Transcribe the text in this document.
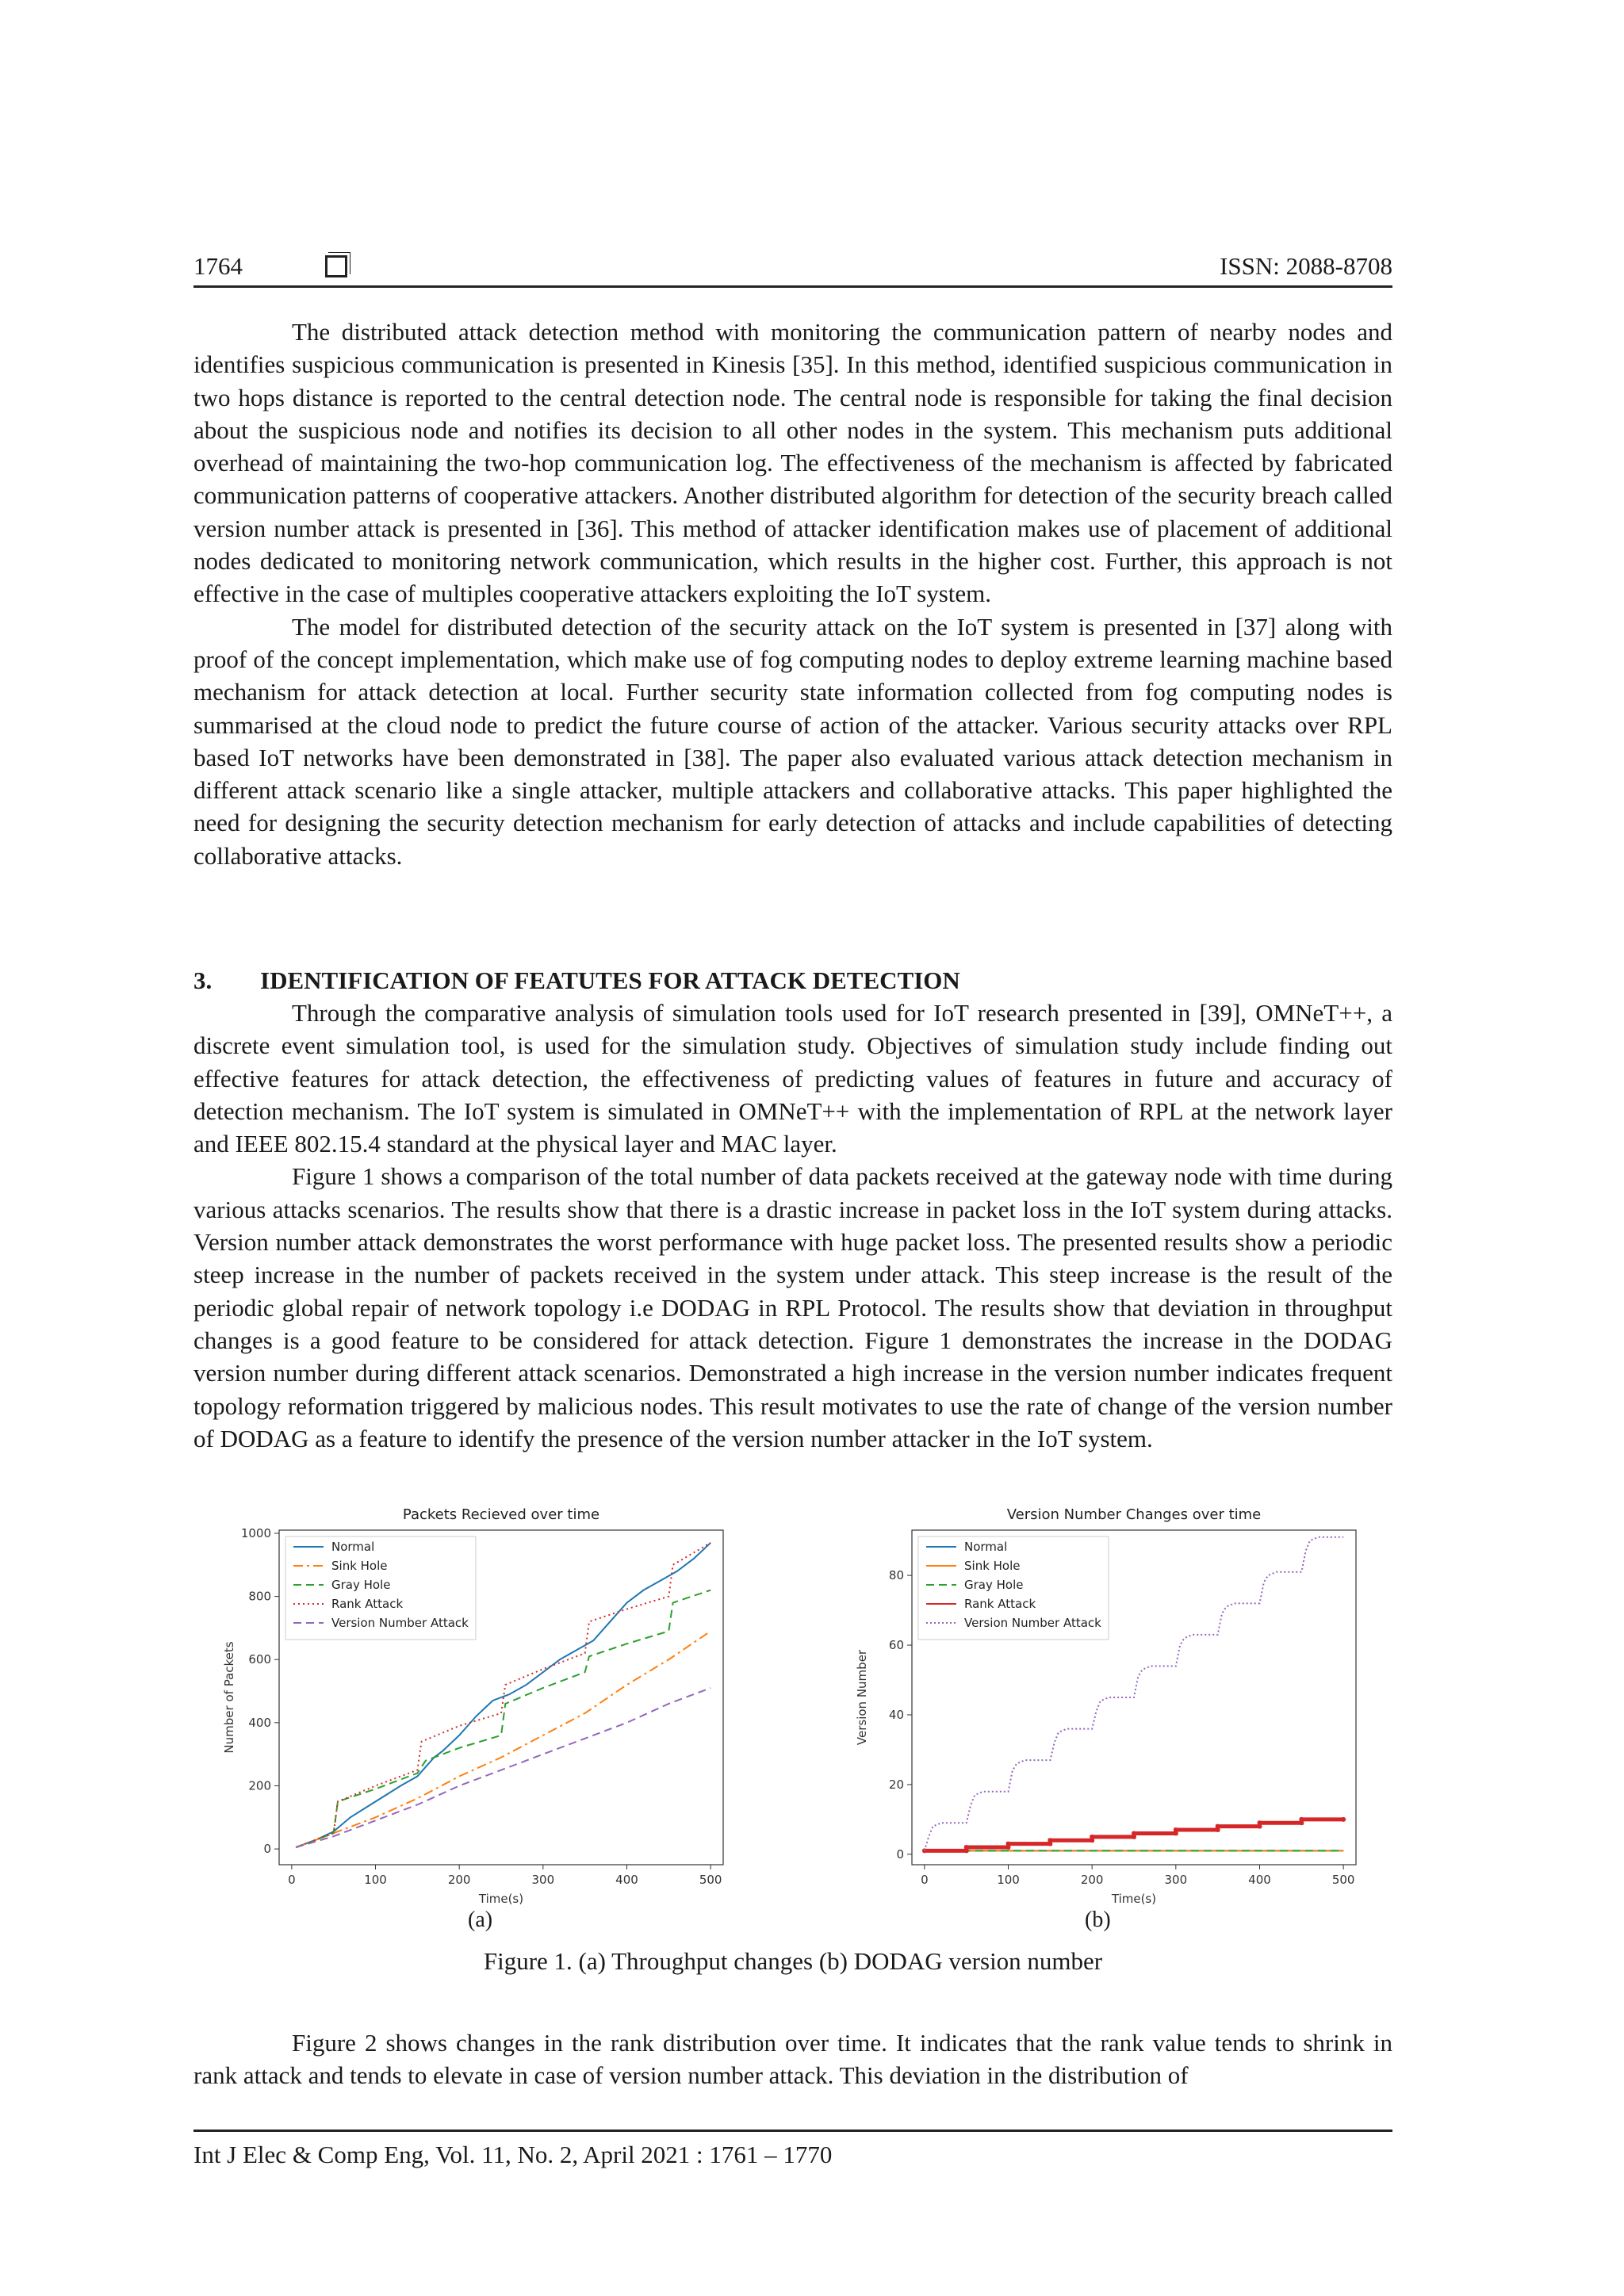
1764	ISSN: 2088-8708

The distributed attack detection method with monitoring the communication pattern of nearby nodes and identifies suspicious communication is presented in Kinesis [35]. In this method, identified suspicious communication in two hops distance is reported to the central detection node. The central node is responsible for taking the final decision about the suspicious node and notifies its decision to all other nodes in the system. This mechanism puts additional overhead of maintaining the two-hop communication log. The effectiveness of the mechanism is affected by fabricated communication patterns of cooperative attackers. Another distributed algorithm for detection of the security breach called version number attack is presented in [36]. This method of attacker identification makes use of placement of additional nodes dedicated to monitoring network communication, which results in the higher cost. Further, this approach is not effective in the case of multiples cooperative attackers exploiting the IoT system.

The model for distributed detection of the security attack on the IoT system is presented in [37] along with proof of the concept implementation, which make use of fog computing nodes to deploy extreme learning machine based mechanism for attack detection at local. Further security state information collected from fog computing nodes is summarised at the cloud node to predict the future course of action of the attacker. Various security attacks over RPL based IoT networks have been demonstrated in [38]. The paper also evaluated various attack detection mechanism in different attack scenario like a single attacker, multiple attackers and collaborative attacks. This paper highlighted the need for designing the security detection mechanism for early detection of attacks and include capabilities of detecting collaborative attacks.

3. IDENTIFICATION OF FEATUTES FOR ATTACK DETECTION

Through the comparative analysis of simulation tools used for IoT research presented in [39], OMNeT++, a discrete event simulation tool, is used for the simulation study. Objectives of simulation study include finding out effective features for attack detection, the effectiveness of predicting values of features in future and accuracy of detection mechanism. The IoT system is simulated in OMNeT++ with the implementation of RPL at the network layer and IEEE 802.15.4 standard at the physical layer and MAC layer.

Figure 1 shows a comparison of the total number of data packets received at the gateway node with time during various attacks scenarios. The results show that there is a drastic increase in packet loss in the IoT system during attacks. Version number attack demonstrates the worst performance with huge packet loss. The presented results show a periodic steep increase in the number of packets received in the system under attack. This steep increase is the result of the periodic global repair of network topology i.e DODAG in RPL Protocol. The results show that deviation in throughput changes is a good feature to be considered for attack detection. Figure 1 demonstrates the increase in the DODAG version number during different attack scenarios. Demonstrated a high increase in the version number indicates frequent topology reformation triggered by malicious nodes. This result motivates to use the rate of change of the version number of DODAG as a feature to identify the presence of the version number attacker in the IoT system.

Packets Recieved over time
0	100	200	300	400	500
0
200
400
600
800
1000
Time(s)
Number of Packets
Normal
Sink Hole
Gray Hole
Rank Attack
Version Number Attack
(a)
Version Number Changes over time
0	100	200	300	400	500
0
20
40
60
80
Time(s)
Version Number
Normal
Sink Hole
Gray Hole
Rank Attack
Version Number Attack
(b)
Figure 1. (a) Throughput changes (b) DODAG version number

Figure 2 shows changes in the rank distribution over time. It indicates that the rank value tends to shrink in rank attack and tends to elevate in case of version number attack. This deviation in the distribution of

Int J Elec & Comp Eng, Vol. 11, No. 2, April 2021 : 1761 – 1770
